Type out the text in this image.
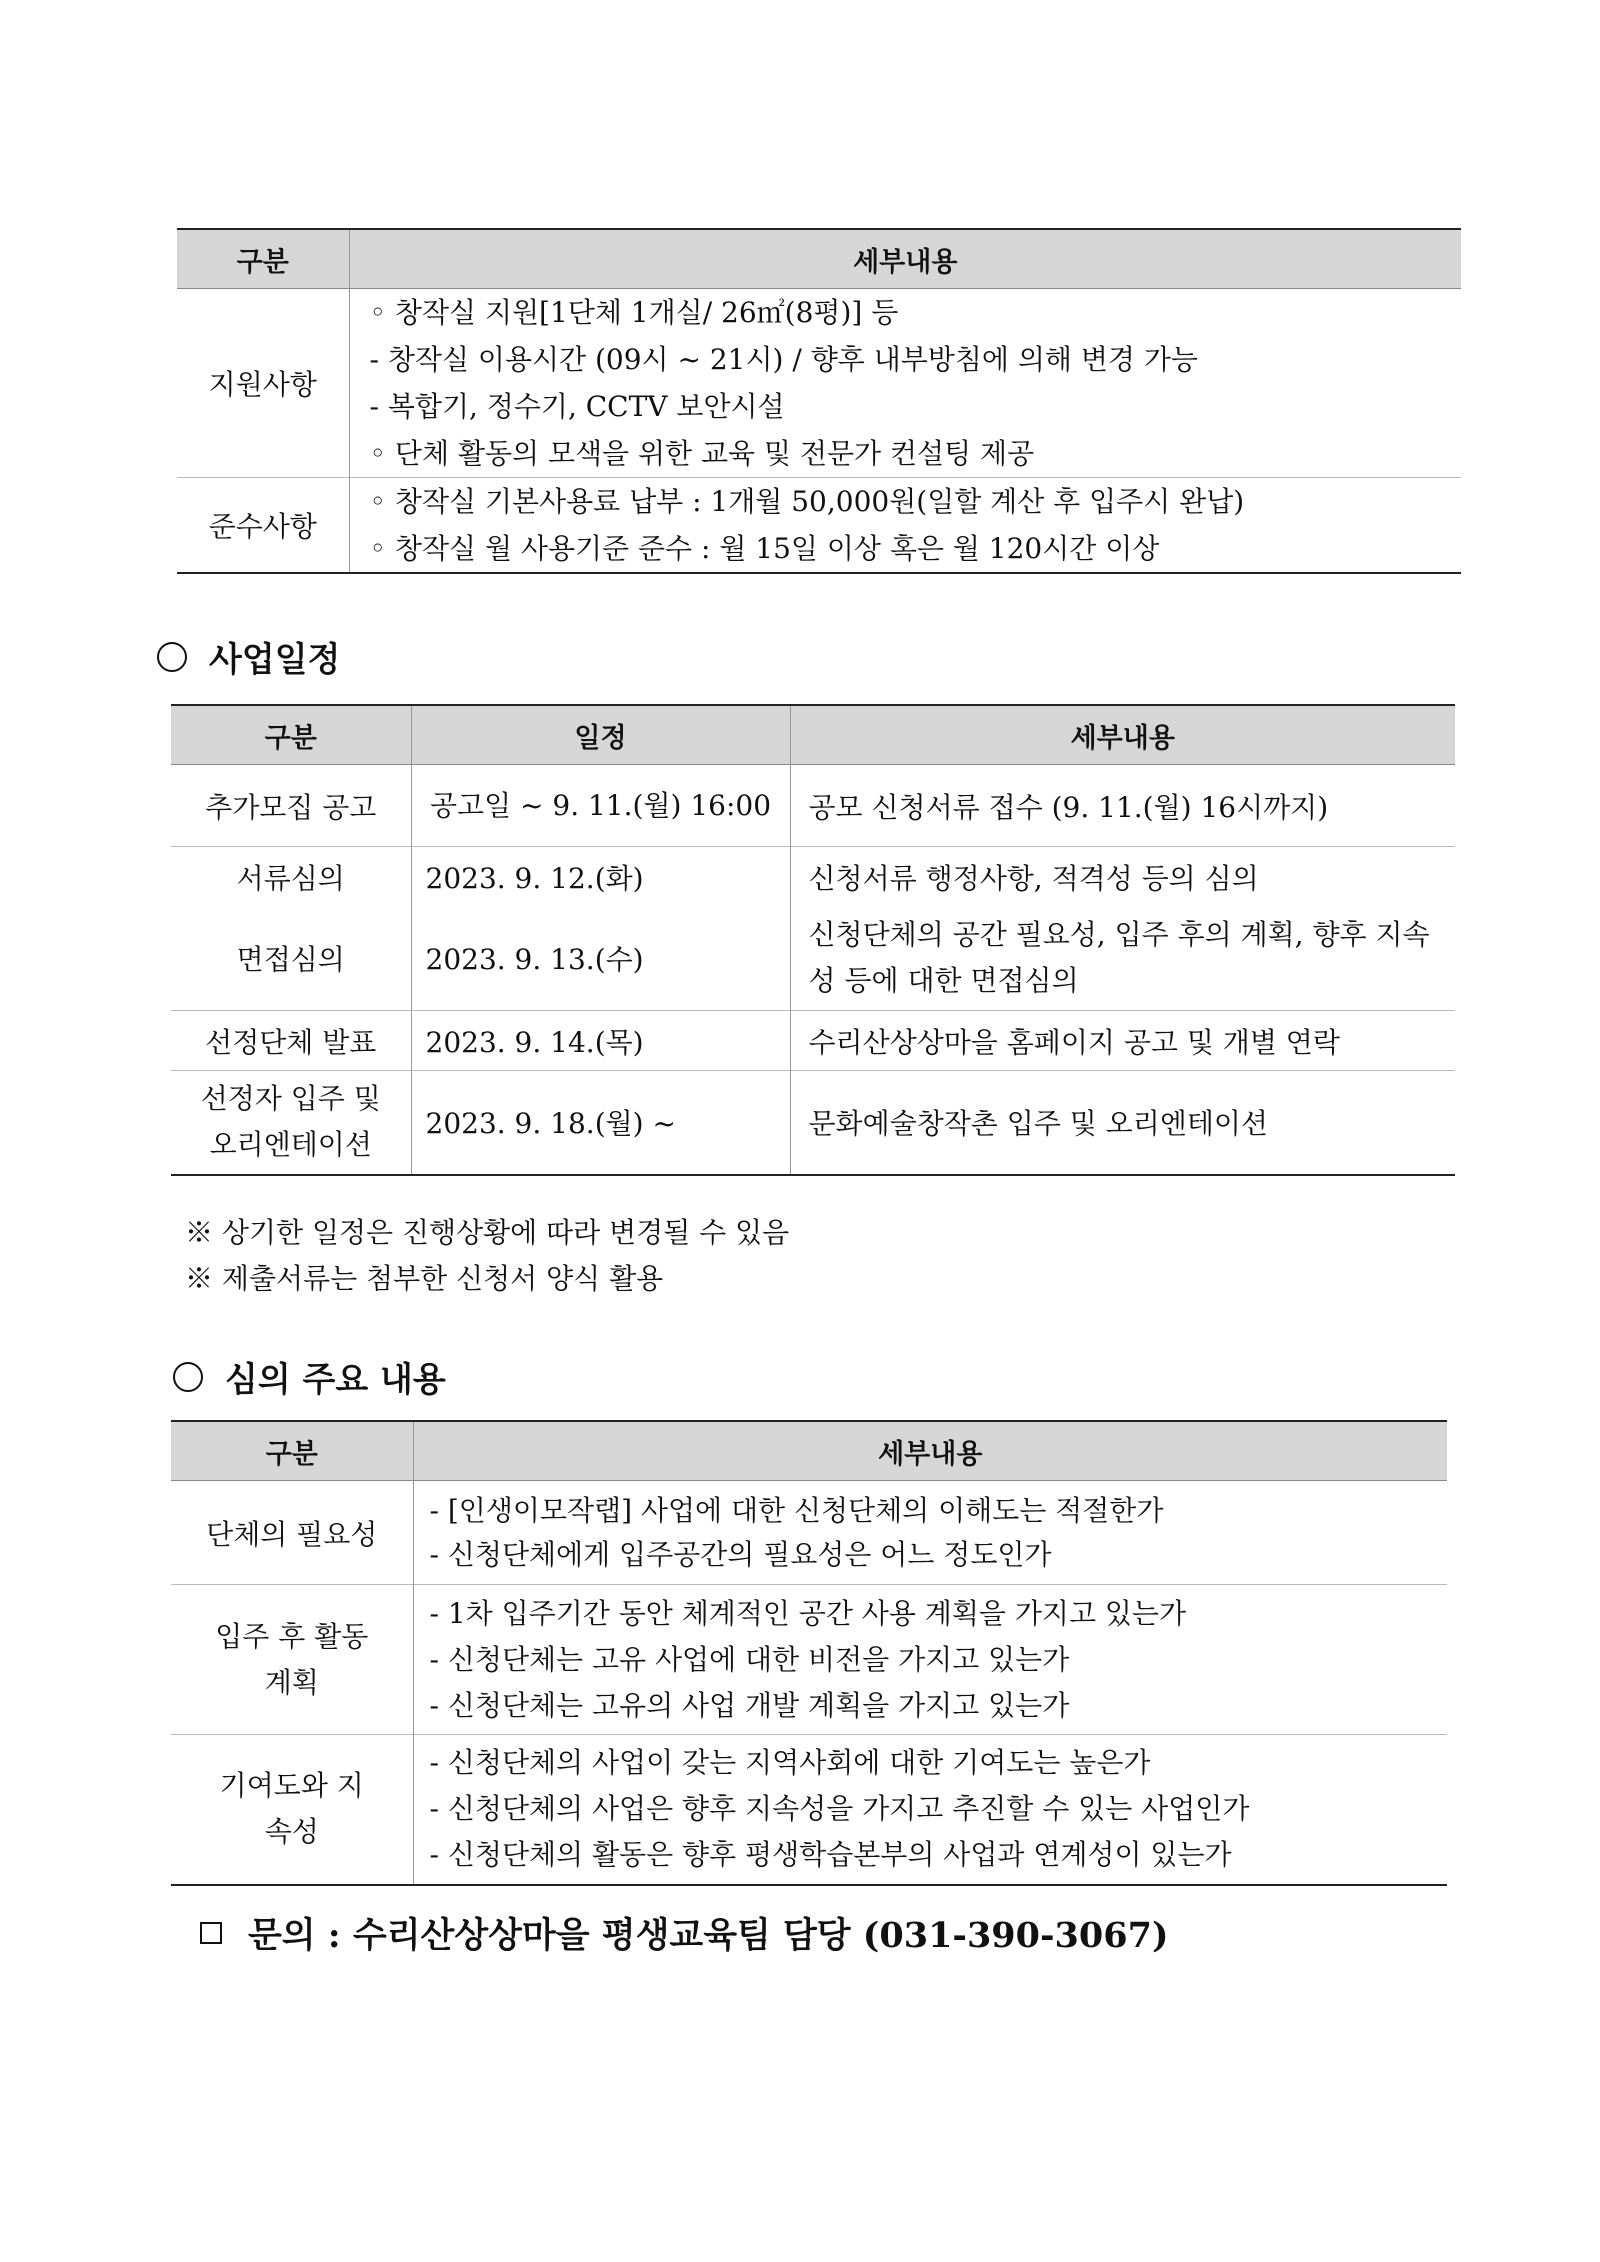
구분	세부내용
지원사항	◦ 창작실 지원[1단체 1개실/ 26㎡(8평)] 등
- 창작실 이용시간 (09시 ~ 21시) / 향후 내부방침에 의해 변경 가능
- 복합기, 정수기, CCTV 보안시설
◦ 단체 활동의 모색을 위한 교육 및 전문가 컨설팅 제공

준수사항	◦ 창작실 기본사용료 납부 : 1개월 50,000원(일할 계산 후 입주시 완납)
◦ 창작실 월 사용기준 준수 : 월 15일 이상 혹은 월 120시간 이상
사업일정
구분	일정	세부내용
추가모집 공고	공고일 ~ 9. 11.(월) 16:00	공모 신청서류 접수 (9. 11.(월) 16시까지)
서류심의	2023. 9. 12.(화)	신청서류 행정사항, 적격성 등의 심의
면접심의	2023. 9. 13.(수)	신청단체의 공간 필요성, 입주 후의 계획, 향후 지속성 등에 대한 면접심의
선정단체 발표	2023. 9. 14.(목)	수리산상상마을 홈페이지 공고 및 개별 연락
선정자 입주 및 오리엔테이션	2023. 9. 18.(월) ~	문화예술창작촌 입주 및 오리엔테이션
※ 상기한 일정은 진행상황에 따라 변경될 수 있음
※ 제출서류는 첨부한 신청서 양식 활용
심의 주요 내용
구분	세부내용
단체의 필요성	- [인생이모작랩] 사업에 대한 신청단체의 이해도는 적절한가
- 신청단체에게 입주공간의 필요성은 어느 정도인가

입주 후 활동계획	- 1차 입주기간 동안 체계적인 공간 사용 계획을 가지고 있는가
- 신청단체는 고유 사업에 대한 비전을 가지고 있는가
- 신청단체는 고유의 사업 개발 계획을 가지고 있는가

기여도와 지속성	- 신청단체의 사업이 갖는 지역사회에 대한 기여도는 높은가
- 신청단체의 사업은 향후 지속성을 가지고 추진할 수 있는 사업인가
- 신청단체의 활동은 향후 평생학습본부의 사업과 연계성이 있는가
문의 : 수리산상상마을 평생교육팀 담당 (031-390-3067)
